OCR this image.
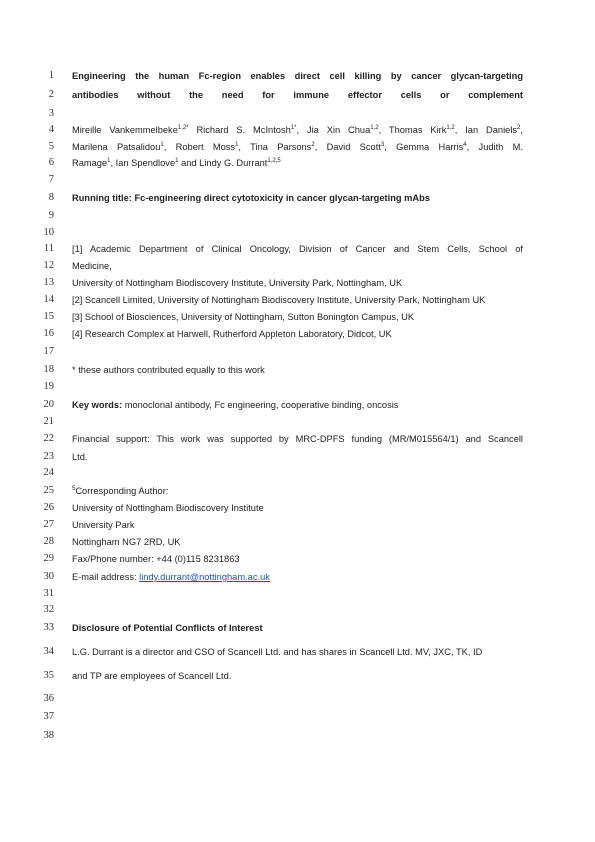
1
2
3
4
5
6
7
8
9
10
11
12
13
14
15
16
17
18
19
20
21
22
23
24
25
26
27
28
29
30
31
32
33
34
35
36
37
38
Engineering the human Fc-region enables direct cell killing by cancer glycan-targeting
antibodies without the need for immune effector cells or complement
Mireille Vankemmelbeke$^{1,2*}$ Richard S. McIntosh$^{1*}$, Jia Xin Chua$^{1,2}$, Thomas Kirk$^{1,2}$, Ian Daniels$^2$,
Marilena Patsalidou$^1$, Robert Moss$^1$, Tina Parsons$^2$, David Scott$^3$, Gemma Harris$^4$, Judith M.
Ramage$^1$, Ian Spendlove$^1$ and Lindy G. Durrant$^{1,2,5}$
Running title: Fc-engineering direct cytotoxicity in cancer glycan-targeting mAbs
[1] Academic Department of Clinical Oncology, Division of Cancer and Stem Cells, School of
Medicine,
University of Nottingham Biodiscovery Institute, University Park, Nottingham, UK
[2] Scancell Limited, University of Nottingham Biodiscovery Institute, University Park, Nottingham UK
[3] School of Biosciences, University of Nottingham, Sutton Bonington Campus, UK
[4] Research Complex at Harwell, Rutherford Appleton Laboratory, Didcot, UK
* these authors contributed equally to this work
Key words: monoclonal antibody, Fc engineering, cooperative binding, oncosis
Financial support: This work was supported by MRC-DPFS funding (MR/M015564/1) and Scancell
Ltd.
$^5$Corresponding Author:
University of Nottingham Biodiscovery Institute
University Park
Nottingham NG7 2RD, UK
Fax/Phone number: +44 (0)115 8231863
E-mail address: lindy.durrant@nottingham.ac.uk
Disclosure of Potential Conflicts of Interest
L.G. Durrant is a director and CSO of Scancell Ltd. and has shares in Scancell Ltd. MV, JXC, TK, ID
and TP are employees of Scancell Ltd.
